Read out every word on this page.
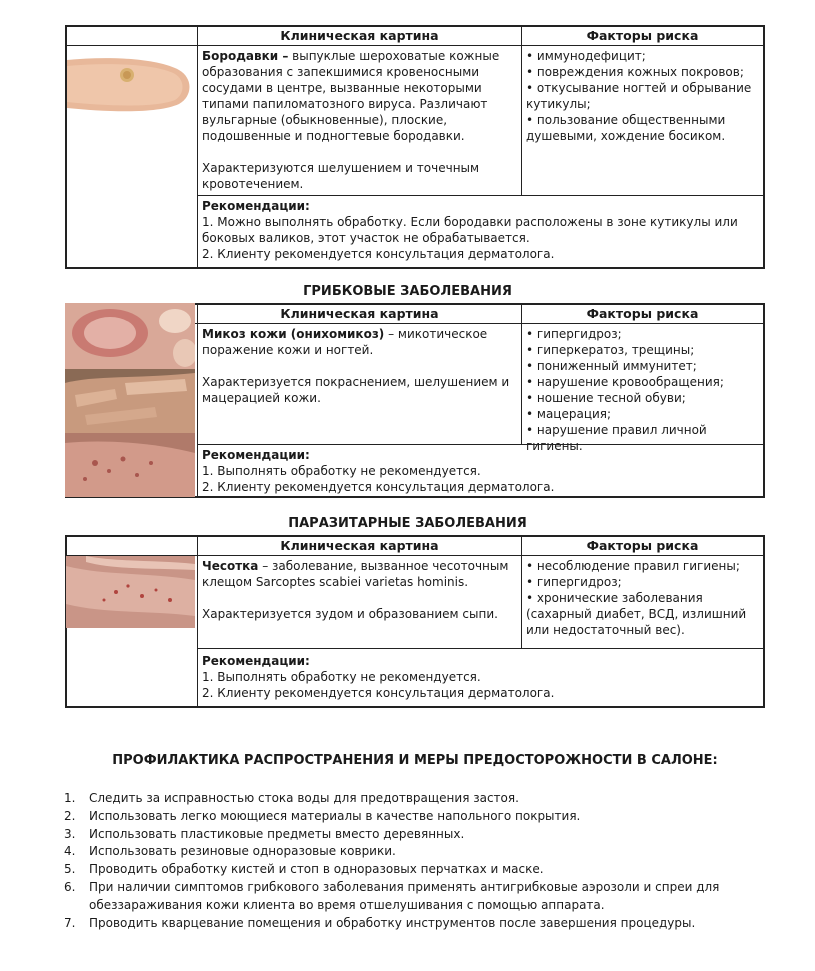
Клиническая картина	Факторы риска
Бородавки – выпуклые шероховатые кожные образования с запекшимися кровеносными сосудами в центре, вызванные некоторыми типами папиломатозного вируса. Различают вульгарные (обыкновенные), плоские, подошвенные и подногтевые бородавки.
Характеризуются шелушением и точечным кровотечением.
• иммунодефицит;
• повреждения кожных покровов;
• откусывание ногтей и обрывание кутикулы;
• пользование общественными душевыми, хождение босиком.
Рекомендации:
1. Можно выполнять обработку. Если бородавки расположены в зоне кутикулы или боковых валиков, этот участок не обрабатывается.
2. Клиенту рекомендуется консультация дерматолога.
ГРИБКОВЫЕ ЗАБОЛЕВАНИЯ
Клиническая картина	Факторы риска
Микоз кожи (онихомикоз) – микотическое поражение кожи и ногтей.
Характеризуется покраснением, шелушением и мацерацией кожи.
• гипергидроз;
• гиперкератоз, трещины;
• пониженный иммунитет;
• нарушение кровообращения;
• ношение тесной обуви;
• мацерация;
• нарушение правил личной гигиены.
Рекомендации:
1. Выполнять обработку не рекомендуется.
2. Клиенту рекомендуется консультация дерматолога.
ПАРАЗИТАРНЫЕ ЗАБОЛЕВАНИЯ
Клиническая картина	Факторы риска
Чесотка – заболевание, вызванное чесоточным клещом Sarcoptes scabiei varietas hominis.
Характеризуется зудом и образованием сыпи.
• несоблюдение правил гигиены;
• гипергидроз;
• хронические заболевания (сахарный диабет, ВСД, излишний или недостаточный вес).
Рекомендации:
1. Выполнять обработку не рекомендуется.
2. Клиенту рекомендуется консультация дерматолога.
ПРОФИЛАКТИКА РАСПРОСТРАНЕНИЯ И МЕРЫ ПРЕДОСТОРОЖНОСТИ В САЛОНЕ:
1.	Следить за исправностью стока воды для предотвращения застоя.
2.	Использовать легко моющиеся материалы в качестве напольного покрытия.
3.	Использовать пластиковые предметы вместо деревянных.
4.	Использовать резиновые одноразовые коврики.
5.	Проводить обработку кистей и стоп в одноразовых перчатках и маске.
6.	При наличии симптомов грибкового заболевания применять антигрибковые аэрозоли и спреи для обеззараживания кожи клиента во время отшелушивания с помощью аппарата.
7.	Проводить кварцевание помещения и обработку инструментов после завершения процедуры.
